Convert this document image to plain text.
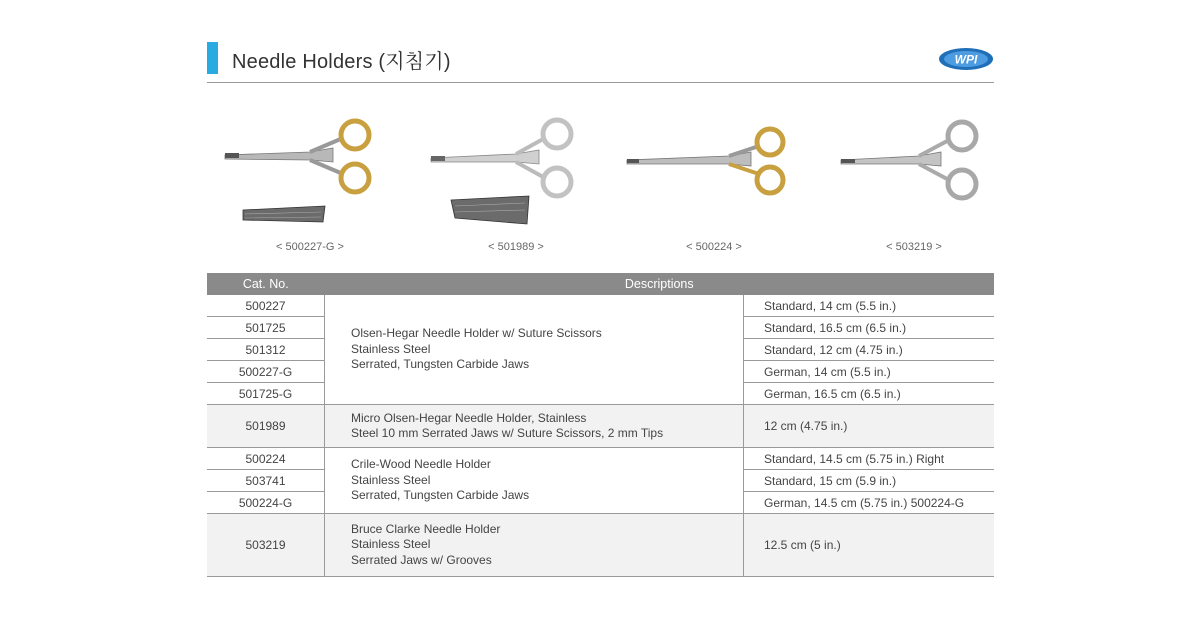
Needle Holders (지침기)	WPI
< 500227-G >	< 501989 >	< 500224 >	< 503219 >
Cat. No.	Descriptions	
500227	Olsen-Hegar Needle Holder w/ Suture Scissors
Stainless Steel
Serrated, Tungsten Carbide Jaws	Standard, 14 cm (5.5 in.)
501725		Standard, 16.5 cm (6.5 in.)
501312		Standard, 12 cm (4.75 in.)
500227-G		German, 14 cm (5.5 in.)
501725-G		German, 16.5 cm (6.5 in.)
501989	Micro Olsen-Hegar Needle Holder, Stainless
Steel 10 mm Serrated Jaws w/ Suture Scissors, 2 mm Tips	12 cm (4.75 in.)
500224	Crile-Wood Needle Holder
Stainless Steel
Serrated, Tungsten Carbide Jaws	Standard, 14.5 cm (5.75 in.) Right
503741		Standard, 15 cm (5.9 in.)
500224-G		German, 14.5 cm (5.75 in.) 500224-G
503219	Bruce Clarke Needle Holder
Stainless Steel
Serrated Jaws w/ Grooves	12.5 cm (5 in.)
